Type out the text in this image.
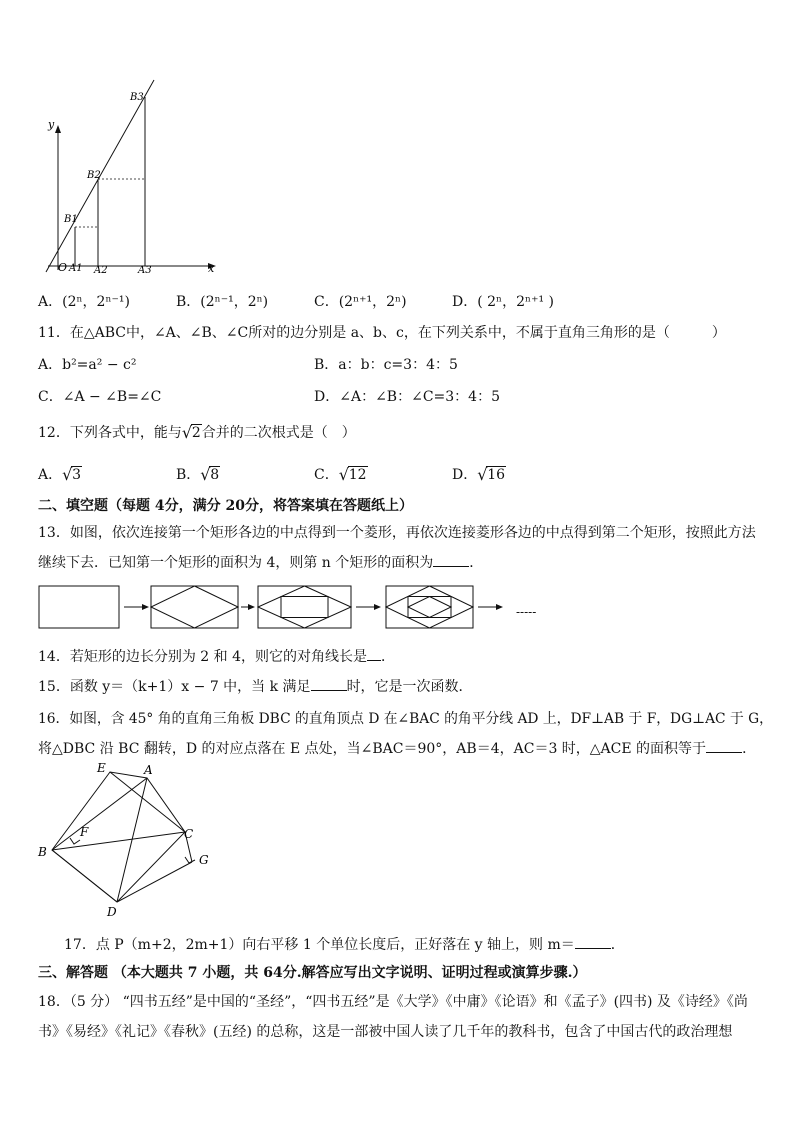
y
x
O
B1
B2
B3
A1 A2	A3
A．(2ⁿ，2ⁿ⁻¹)	B．(2ⁿ⁻¹，2ⁿ)	C．(2ⁿ⁺¹，2ⁿ)	D．( 2ⁿ，2ⁿ⁺¹ )
11．在△ABC中，∠A、∠B、∠C所对的边分别是 a、b、c，在下列关系中，不属于直角三角形的是（　　　）
A．b²=a² − c²	B．a：b：c=3：4：5
C．∠A − ∠B=∠C	D．∠A：∠B：∠C=3：4：5
12．下列各式中，能与 √ 2合并的二次根式是（　）
A． √ 3	B． √ 8	C． √ 12	D． √ 16
二、填空题（每题 4分，满分 20分，将答案填在答题纸上）
13．如图，依次连接第一个矩形各边的中点得到一个菱形，再依次连接菱形各边的中点得到第二个矩形，按照此方法
继续下去．已知第一个矩形的面积为 4，则第 n 个矩形的面积为	．
-----
14．若矩形的边长分别为 2 和 4，则它的对角线长是 ．
15．函数 y＝（k+1）x − 7 中，当 k 满足	时，它是一次函数．
16．如图，含 45° 角的直角三角板 DBC 的直角顶点 D 在∠BAC 的角平分线 AD 上，DF⊥AB 于 F，DG⊥AC 于 G，
将△DBC 沿 BC 翻转，D 的对应点落在 E 点处，当∠BAC＝90°，AB＝4，AC＝3 时，△ACE 的面积等于	．
E	A
B
C
D
F
G
17．点 P（m+2，2m+1）向右平移 1 个单位长度后，正好落在 y 轴上，则 m＝	．
三、解答题 （本大题共 7 小题，共 64分.解答应写出文字说明、证明过程或演算步骤.）
18．（5 分） “四书五经”是中国的“圣经”，“四书五经”是《大学》《中庸》《论语》和《孟子》(四书) 及《诗经》《尚
书》《易经》《礼记》《春秋》(五经) 的总称，这是一部被中国人读了几千年的教科书，包含了中国古代的政治理想
